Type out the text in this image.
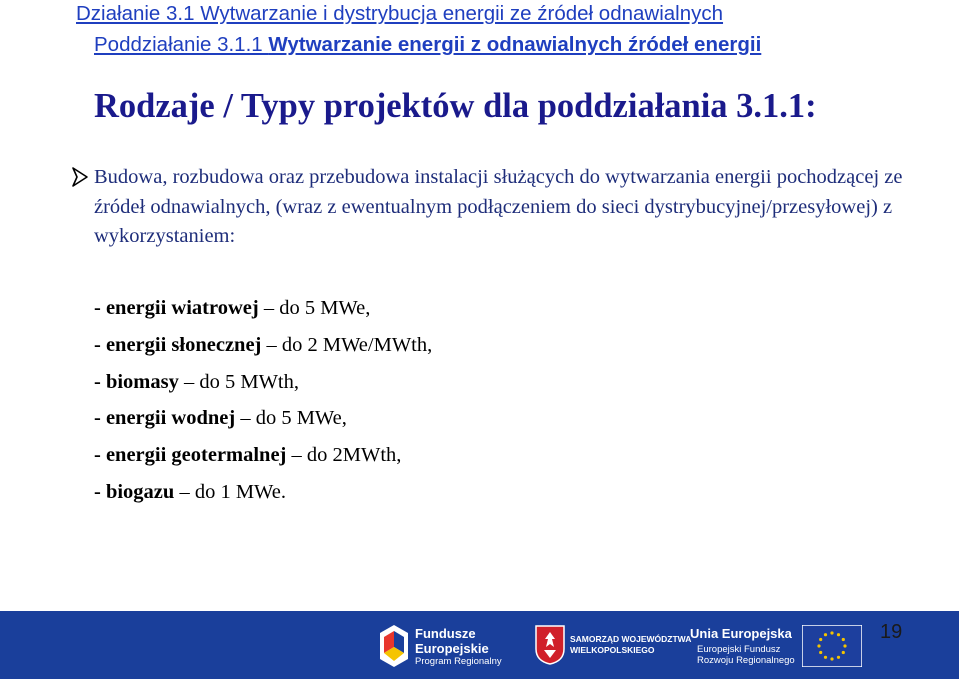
Działanie 3.1 Wytwarzanie i dystrybucja energii ze źródeł odnawialnych
Poddziałanie 3.1.1 Wytwarzanie energii z odnawialnych źródeł energii
Rodzaje / Typy projektów dla poddziałania 3.1.1:

Budowa, rozbudowa oraz przebudowa instalacji służących do wytwarzania energii pochodzącej ze źródeł odnawialnych, (wraz z ewentualnym podłączeniem do sieci dystrybucyjnej/przesyłowej) z wykorzystaniem:

- energii wiatrowej – do 5 MWe,
- energii słonecznej – do 2 MWe/MWth,
- biomasy – do 5 MWth,
- energii wodnej – do 5 MWe,
- energii geotermalnej – do 2MWth,
- biogazu – do 1 MWe.
Fundusze
Europejskie
Program Regionalny
SAMORZĄD WOJEWÓDZTWA
WIELKOPOLSKIEGO
Unia Europejska
Europejski Fundusz
Rozwoju Regionalnego
19
